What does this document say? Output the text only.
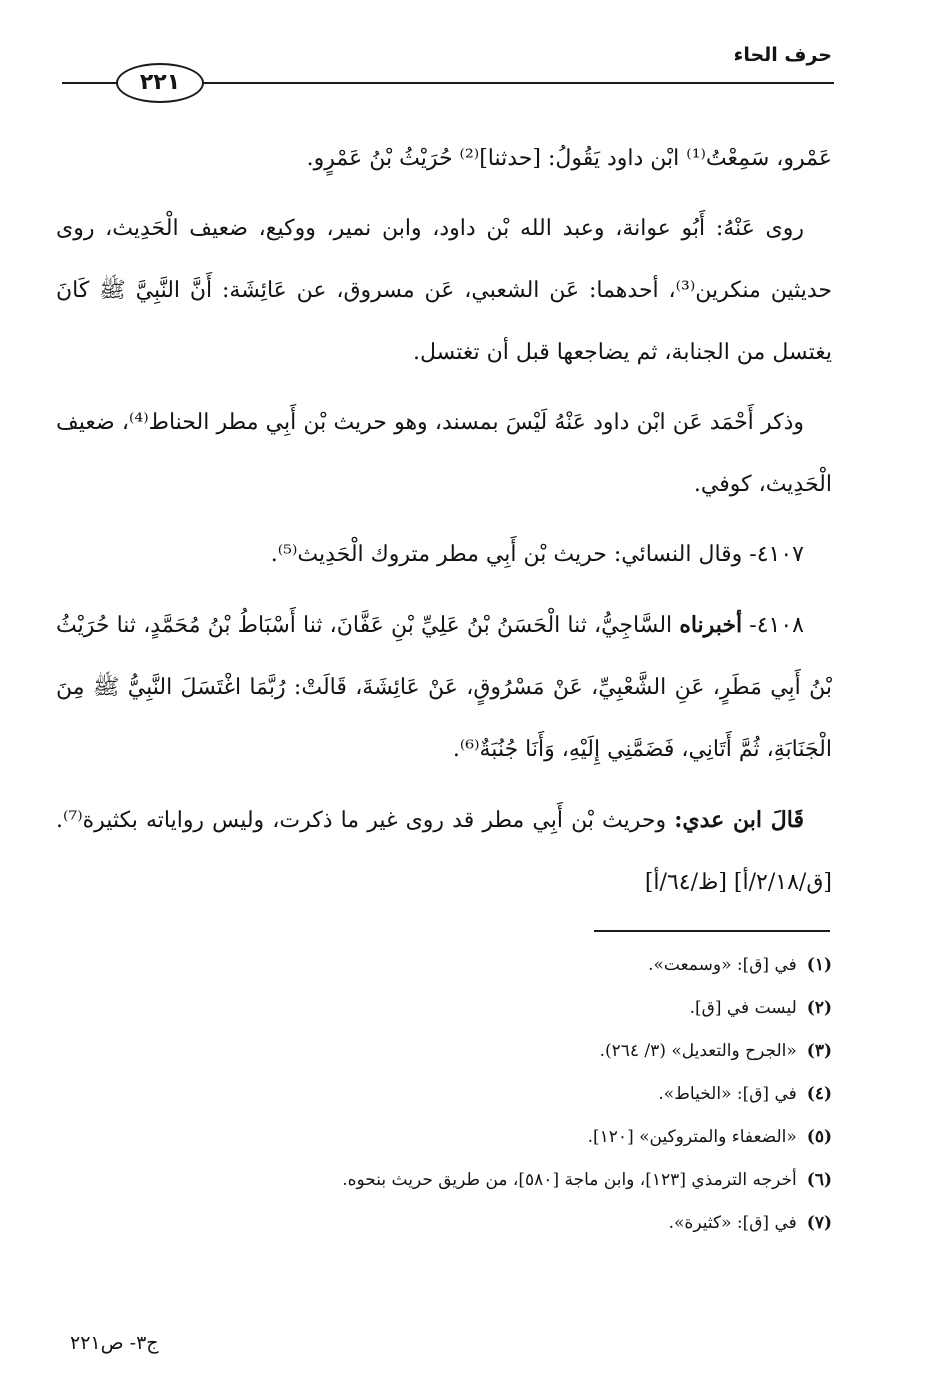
حرف الحاء
٢٢١

عَمْرو، سَمِعْتُ⁽¹⁾ ابْن داود يَقُولُ: [حدثنا]⁽²⁾ حُرَيْثُ بْنُ عَمْرٍو.

روى عَنْهُ: أَبُو عوانة، وعبد الله بْن داود، وابن نمير، ووكيع، ضعيف الْحَدِيث، روى حديثين منكرين⁽³⁾، أحدهما: عَن الشعبي، عَن مسروق، عن عَائِشَة: أَنَّ النَّبِيَّ ﷺ كَانَ يغتسل من الجنابة، ثم يضاجعها قبل أن تغتسل.

وذكر أَحْمَد عَن ابْن داود عَنْهُ لَيْسَ بمسند، وهو حريث بْن أَبِي مطر الحناط⁽⁴⁾، ضعيف الْحَدِيث، كوفي.

٤١٠٧- وقال النسائي: حريث بْن أَبِي مطر متروك الْحَدِيث⁽⁵⁾.

٤١٠٨- أخبرناه السَّاجِيُّ، ثنا الْحَسَنُ بْنُ عَلِيِّ بْنِ عَفَّانَ، ثنا أَسْبَاطُ بْنُ مُحَمَّدٍ، ثنا حُرَيْثُ بْنُ أَبِي مَطَرٍ، عَنِ الشَّعْبِيِّ، عَنْ مَسْرُوقٍ، عَنْ عَائِشَةَ، قَالَتْ: رُبَّمَا اغْتَسَلَ النَّبِيُّ ﷺ مِنَ الْجَنَابَةِ، ثُمَّ أَتَانِي، فَضَمَّنِي إِلَيْهِ، وَأَنَا جُنُبَةٌ⁽⁶⁾.

قَالَ ابن عدي: وحريث بْن أَبِي مطر قد روى غير ما ذكرت، وليس رواياته بكثيرة⁽⁷⁾. [ق/٢/١٨/أ] [ظ/٦٤/أ]

(١)في [ق]: «وسمعت».
(٢)ليست في [ق].
(٣)«الجرح والتعديل» (٣/ ٢٦٤).
(٤)في [ق]: «الخياط».
(٥)«الضعفاء والمتروكين» [١٢٠].
(٦)أخرجه الترمذي [١٢٣]، وابن ماجة [٥٨٠]، من طريق حريث بنحوه.
(٧)في [ق]: «كثيرة».
ج٣- ص٢٢١
